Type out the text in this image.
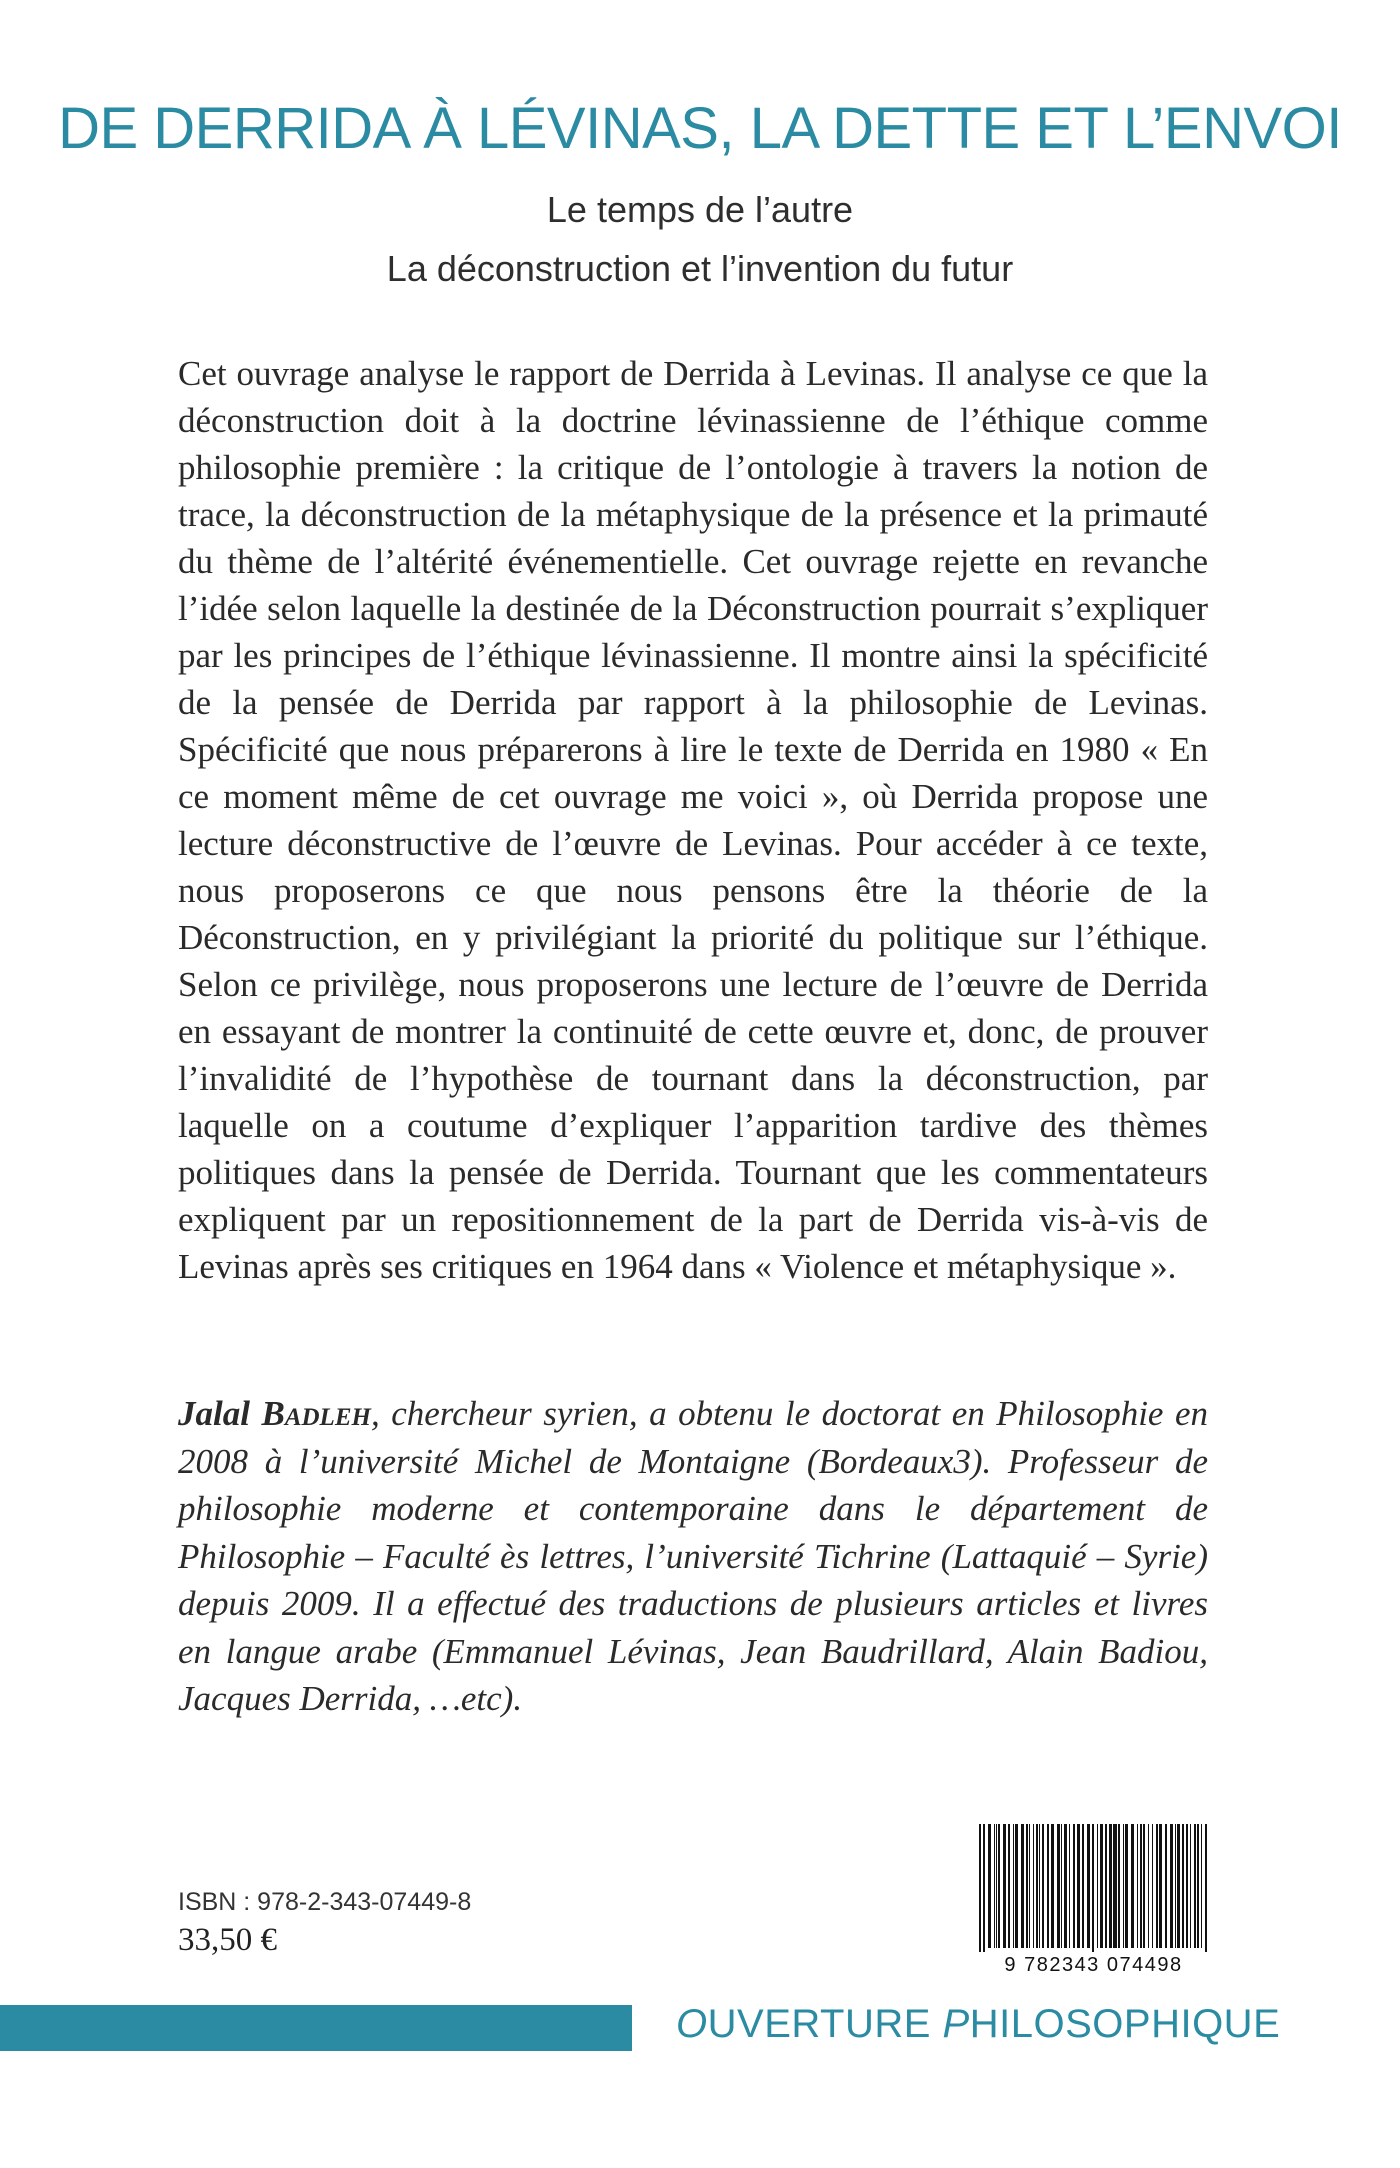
DE DERRIDA À LÉVINAS, LA DETTE ET L’ENVOI
Le temps de l’autre
La déconstruction et l’invention du futur

Cet ouvrage analyse le rapport de Derrida à Levinas. Il analyse ce que la déconstruction doit à la doctrine lévinassienne de l’éthique comme philosophie première : la critique de l’ontologie à travers la notion de trace, la déconstruction de la métaphysique de la présence et la primauté du thème de l’altérité événementielle. Cet ouvrage rejette en revanche l’idée selon laquelle la destinée de la Déconstruction pourrait s’expliquer par les principes de l’éthique lévinassienne. Il montre ainsi la spécificité de la pensée de Derrida par rapport à la philosophie de Levinas. Spécificité que nous préparerons à lire le texte de Derrida en 1980 « En ce moment même de cet ouvrage me voici », où Derrida propose une lecture déconstructive de l’œuvre de Levinas. Pour accéder à ce texte, nous proposerons ce que nous pensons être la théorie de la Déconstruction, en y privilégiant la priorité du politique sur l’éthique. Selon ce privilège, nous proposerons une lecture de l’œuvre de Derrida en essayant de montrer la continuité de cette œuvre et, donc, de prouver l’invalidité de l’hypothèse de tournant dans la déconstruction, par laquelle on a coutume d’expliquer l’apparition tardive des thèmes politiques dans la pensée de Derrida. Tournant que les commentateurs expliquent par un repositionnement de la part de Derrida vis-à-vis de Levinas après ses critiques en 1964 dans « Violence et métaphysique ».

Jalal Badleh, chercheur syrien, a obtenu le doctorat en Philosophie en 2008 à l’université Michel de Montaigne (Bordeaux3). Professeur de philosophie moderne et contemporaine dans le département de Philosophie – Faculté ès lettres, l’université Tichrine (Lattaquié – Syrie) depuis 2009. Il a effectué des traductions de plusieurs articles et livres en langue arabe (Emmanuel Lévinas, Jean Baudrillard, Alain Badiou, Jacques Derrida, …etc).

ISBN : 978-2-343-07449-8
33,50 €
9 782343 074498
OUVERTURE PHILOSOPHIQUE
